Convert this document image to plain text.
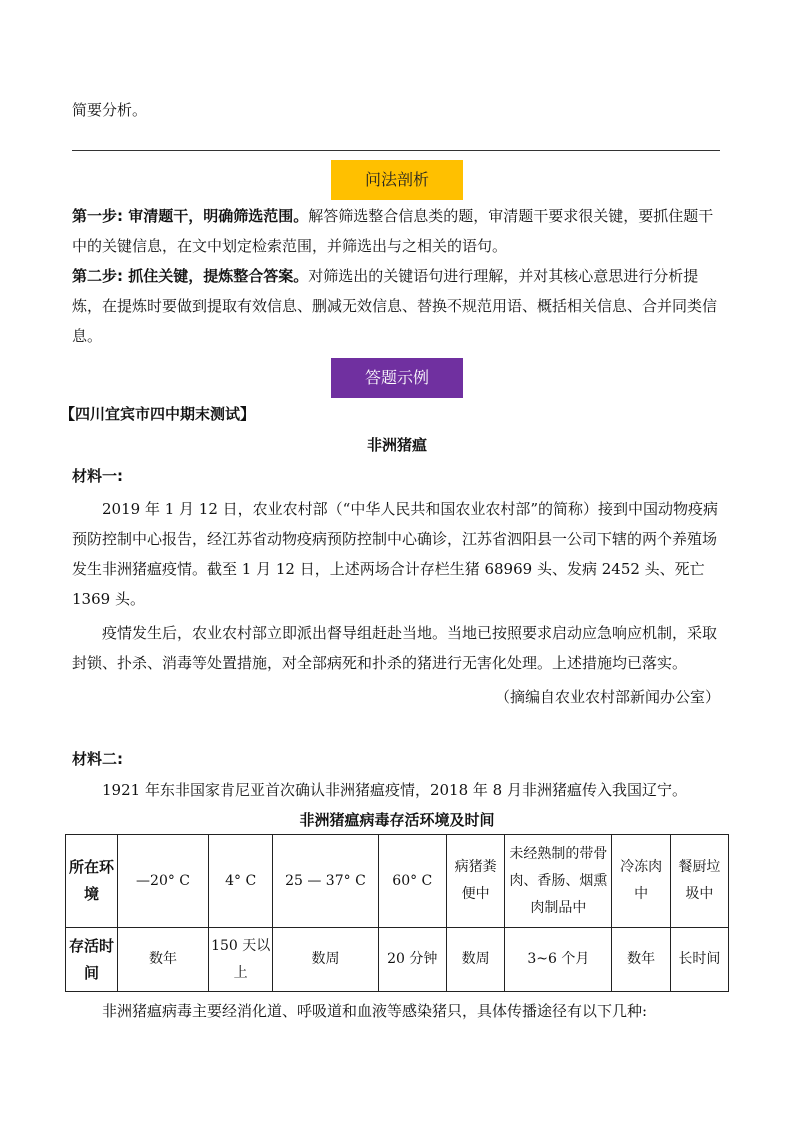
简要分析。
问法剖析

第一步: 审清题干，明确筛选范围。解答筛选整合信息类的题，审清题干要求很关键，要抓住题干中的关键信息，在文中划定检索范围，并筛选出与之相关的语句。

第二步: 抓住关键，提炼整合答案。对筛选出的关键语句进行理解，并对其核心意思进行分析提炼，在提炼时要做到提取有效信息、删减无效信息、替换不规范用语、概括相关信息、合并同类信息。

答题示例
【四川宜宾市四中期末测试】
非洲猪瘟
材料一:

2019 年 1 月 12 日，农业农村部（“中华人民共和国农业农村部”的简称）接到中国动物疫病预防控制中心报告，经江苏省动物疫病预防控制中心确诊，江苏省泗阳县一公司下辖的两个养殖场发生非洲猪瘟疫情。截至 1 月 12 日，上述两场合计存栏生猪 68969 头、发病 2452 头、死亡 1369 头。

疫情发生后，农业农村部立即派出督导组赶赴当地。当地已按照要求启动应急响应机制，采取封锁、扑杀、消毒等处置措施，对全部病死和扑杀的猪进行无害化处理。上述措施均已落实。

（摘编自农业农村部新闻办公室）

材料二:
1921 年东非国家肯尼亚首次确认非洲猪瘟疫情，2018 年 8 月非洲猪瘟传入我国辽宁。
非洲猪瘟病毒存活环境及时间
所在环境	—20° C	4° C	25 — 37° C	60° C	病猪粪便中	未经熟制的带骨肉、香肠、烟熏肉制品中	冷冻肉中	餐厨垃圾中
存活时间	数年	150 天以上	数周	20 分钟	数周	3~6 个月	数年	长时间
非洲猪瘟病毒主要经消化道、呼吸道和血液等感染猪只，具体传播途径有以下几种:
